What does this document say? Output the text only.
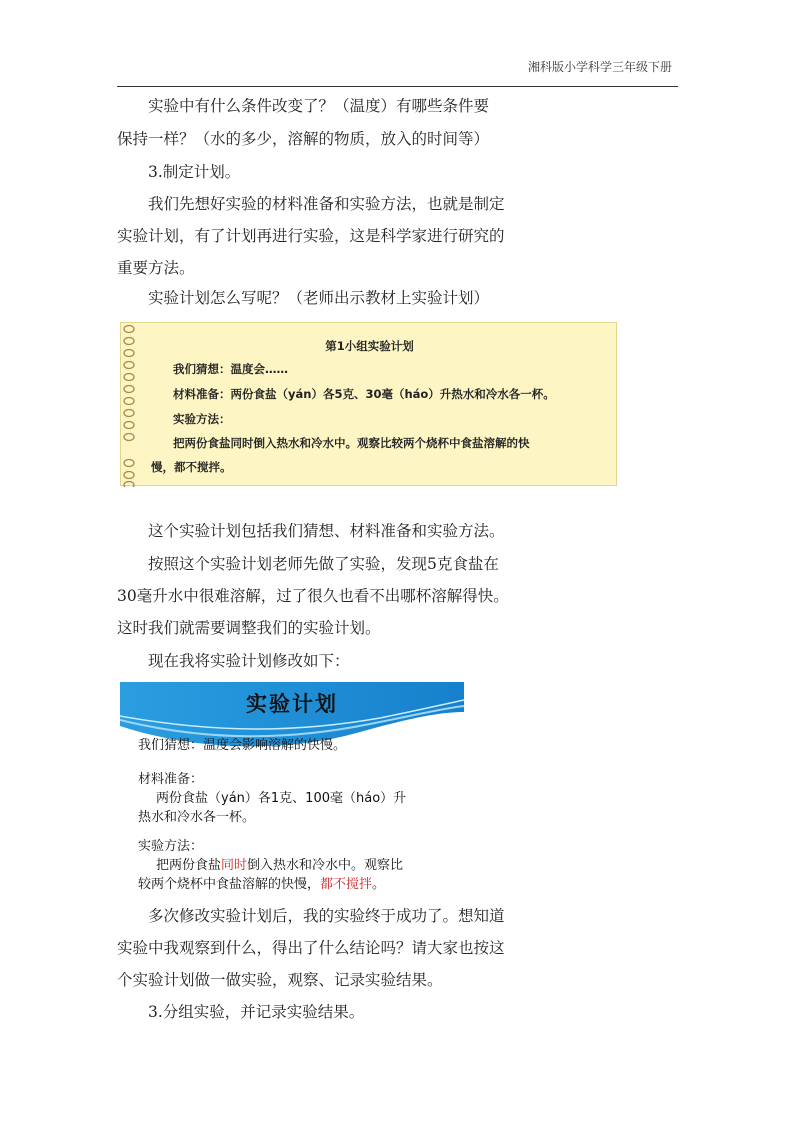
湘科版小学科学三年级下册

实验中有什么条件改变了？（温度）有哪些条件要

保持一样？（水的多少，溶解的物质，放入的时间等）

3.制定计划。

我们先想好实验的材料准备和实验方法，也就是制定

实验计划，有了计划再进行实验，这是科学家进行研究的

重要方法。

实验计划怎么写呢？（老师出示教材上实验计划）

第1小组实验计划
我们猜想：温度会……
材料准备：两份食盐（yán）各5克、30毫（háo）升热水和冷水各一杯。
实验方法：
把两份食盐同时倒入热水和冷水中。观察比较两个烧杯中食盐溶解的快
慢，都不搅拌。

这个实验计划包括我们猜想、材料准备和实验方法。

按照这个实验计划老师先做了实验，发现5克食盐在

30毫升水中很难溶解，过了很久也看不出哪杯溶解得快。

这时我们就需要调整我们的实验计划。

现在我将实验计划修改如下：

实验计划
我们猜想：温度会影响溶解的快慢。
材料准备：
两份食盐（yán）各1克、100毫（háo）升
热水和冷水各一杯。
实验方法：
把两份食盐同时倒入热水和冷水中。观察比
较两个烧杯中食盐溶解的快慢，都不搅拌。

多次修改实验计划后，我的实验终于成功了。想知道

实验中我观察到什么，得出了什么结论吗？请大家也按这

个实验计划做一做实验，观察、记录实验结果。

3.分组实验，并记录实验结果。
